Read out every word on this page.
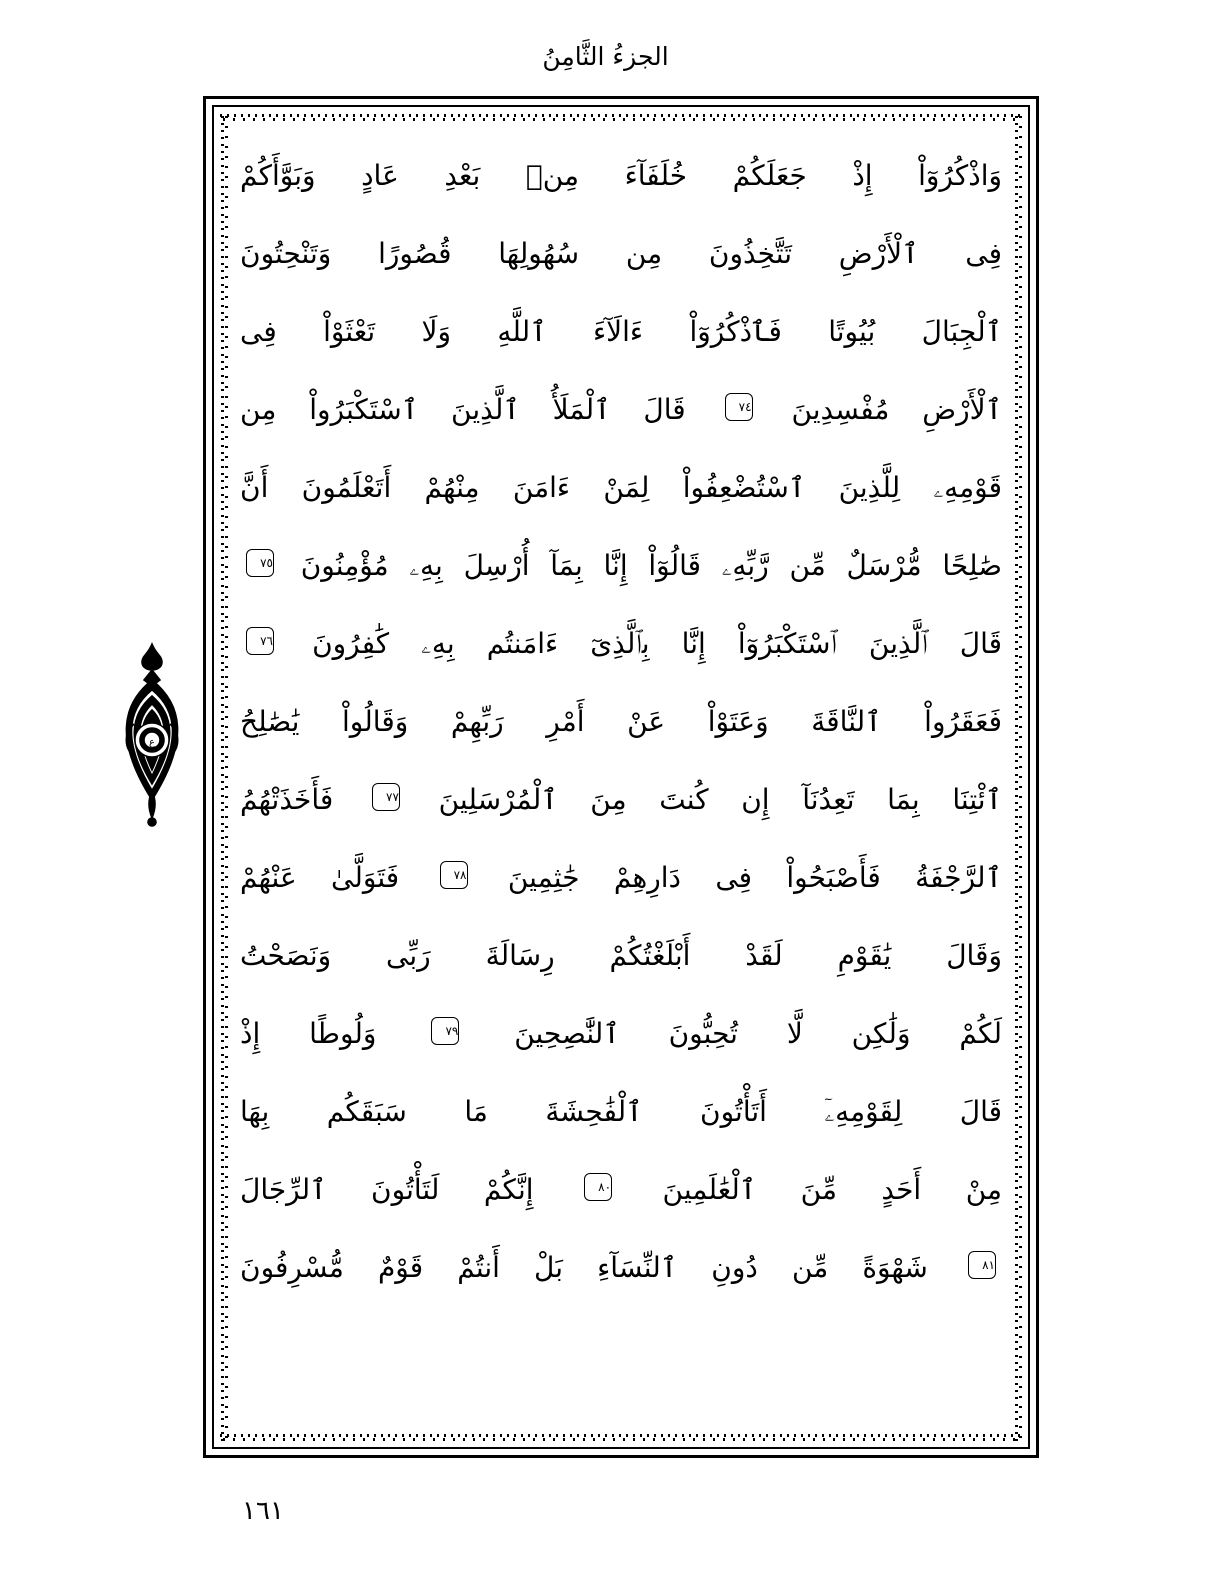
الجزءُ الثَّامِنُ
وَاذْكُرُوٓاْ إِذْ جَعَلَكُمْ خُلَفَآءَ مِنۢ بَعْدِ عَادٍ وَبَوَّأَكُمْ
فِى ٱلْأَرْضِ تَتَّخِذُونَ مِن سُهُولِهَا قُصُورًا وَتَنْحِتُونَ
ٱلْجِبَالَ بُيُوتًا فَٱذْكُرُوٓاْ ءَالَآءَ ٱللَّهِ وَلَا تَعْثَوْاْ فِى
ٱلْأَرْضِ مُفْسِدِينَ ٧٤ قَالَ ٱلْمَلَأُ ٱلَّذِينَ ٱسْتَكْبَرُواْ مِن
قَوْمِهِۦ لِلَّذِينَ ٱسْتُضْعِفُواْ لِمَنْ ءَامَنَ مِنْهُمْ أَتَعْلَمُونَ أَنَّ
صَٰلِحًا مُّرْسَلٌ مِّن رَّبِّهِۦ قَالُوٓاْ إِنَّا بِمَآ أُرْسِلَ بِهِۦ مُؤْمِنُونَ ٧٥
قَالَ ٱلَّذِينَ ٱسْتَكْبَرُوٓاْ إِنَّا بِٱلَّذِىٓ ءَامَنتُم بِهِۦ كَٰفِرُونَ ٧٦
فَعَقَرُواْ ٱلنَّاقَةَ وَعَتَوْاْ عَنْ أَمْرِ رَبِّهِمْ وَقَالُواْ يَٰصَٰلِحُ
ٱئْتِنَا بِمَا تَعِدُنَآ إِن كُنتَ مِنَ ٱلْمُرْسَلِينَ ٧٧ فَأَخَذَتْهُمُ
ٱلرَّجْفَةُ فَأَصْبَحُواْ فِى دَارِهِمْ جَٰثِمِينَ ٧٨ فَتَوَلَّىٰ عَنْهُمْ
وَقَالَ يَٰقَوْمِ لَقَدْ أَبْلَغْتُكُمْ رِسَالَةَ رَبِّى وَنَصَحْتُ
لَكُمْ وَلَٰكِن لَّا تُحِبُّونَ ٱلنَّٰصِحِينَ ٧٩ وَلُوطًا إِذْ
قَالَ لِقَوْمِهِۦٓ أَتَأْتُونَ ٱلْفَٰحِشَةَ مَا سَبَقَكُم بِهَا
مِنْ أَحَدٍ مِّنَ ٱلْعَٰلَمِينَ ٨٠ إِنَّكُمْ لَتَأْتُونَ ٱلرِّجَالَ
٨١ شَهْوَةً مِّن دُونِ ٱلنِّسَآءِ بَلْ أَنتُمْ قَوْمٌ مُّسْرِفُونَ
ع
١٦١
